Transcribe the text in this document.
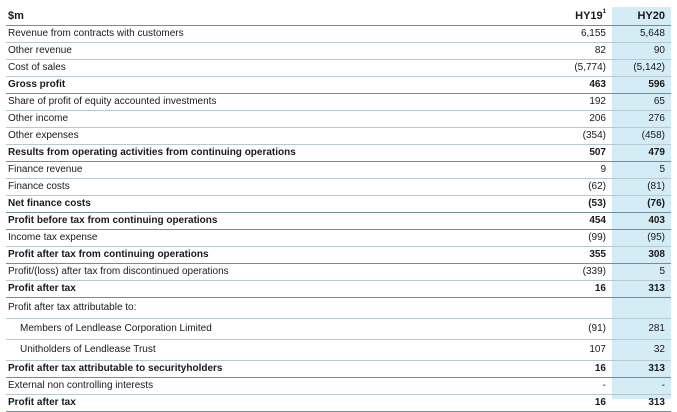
$m	$HY19^1$	HY20
Revenue from contracts with customers	6,155	5,648
Other revenue	82	90
Cost of sales	(5,774)	(5,142)
Gross profit	463	596
Share of profit of equity accounted investments	192	65
Other income	206	276
Other expenses	(354)	(458)
Results from operating activities from continuing operations	507	479
Finance revenue	9	5
Finance costs	(62)	(81)
Net finance costs	(53)	(76)
Profit before tax from continuing operations	454	403
Income tax expense	(99)	(95)
Profit after tax from continuing operations	355	308
Profit/(loss) after tax from discontinued operations	(339)	5
Profit after tax	16	313
Profit after tax attributable to:		
Members of Lendlease Corporation Limited	(91)	281
Unitholders of Lendlease Trust	107	32
Profit after tax attributable to securityholders	16	313
External non controlling interests	-	-
Profit after tax	16	313
